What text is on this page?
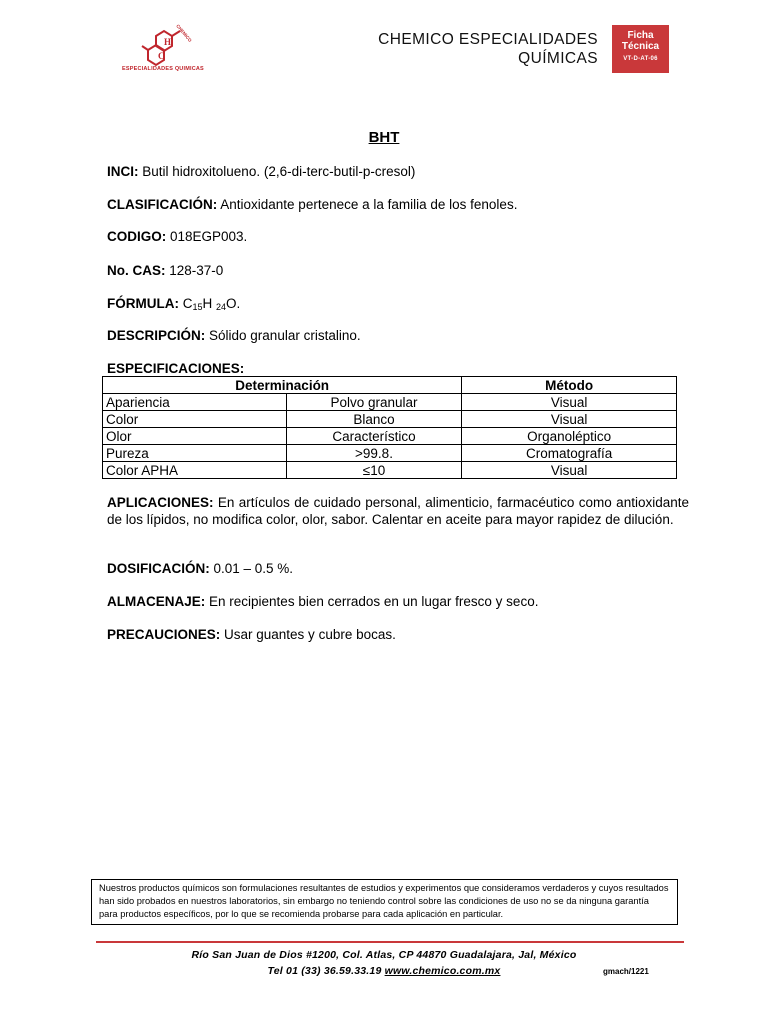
C
H CHEMICO
ESPECIALIDADES QUIMICAS
CHEMICO ESPECIALIDADES
QUÍMICAS
Ficha
Técnica
VT-D-AT-06
BHT
INCI: Butil hidroxitolueno. (2,6-di-terc-butil-p-cresol)
CLASIFICACIÓN: Antioxidante pertenece a la familia de los fenoles.
CODIGO: 018EGP003.
No. CAS: 128-37-0
FÓRMULA: $C_{15}H$ $_{24}$O.
DESCRIPCIÓN: Sólido granular cristalino.
ESPECIFICACIONES:
Determinación		Método
Apariencia	Polvo granular	Visual
Color	Blanco	Visual
Olor	Característico	Organoléptico
Pureza	>99.8.	Cromatografía
Color APHA	≤10	Visual
APLICACIONES: En artículos de cuidado personal, alimenticio, farmacéutico como antioxidante de los lípidos, no modifica color, olor, sabor. Calentar en aceite para mayor rapidez de dilución.
DOSIFICACIÓN: 0.01 – 0.5 %.
ALMACENAJE: En recipientes bien cerrados en un lugar fresco y seco.
PRECAUCIONES: Usar guantes y cubre bocas.
Nuestros productos químicos son formulaciones resultantes de estudios y experimentos que consideramos verdaderos y cuyos resultados han sido probados en nuestros laboratorios, sin embargo no teniendo control sobre las condiciones de uso no se da ninguna garantía para productos específicos, por lo que se recomienda probarse para cada aplicación en particular.
Río San Juan de Dios #1200, Col. Atlas, CP 44870 Guadalajara, Jal, México
Tel 01 (33) 36.59.33.19 www.chemico.com.mx	gmach/1221
